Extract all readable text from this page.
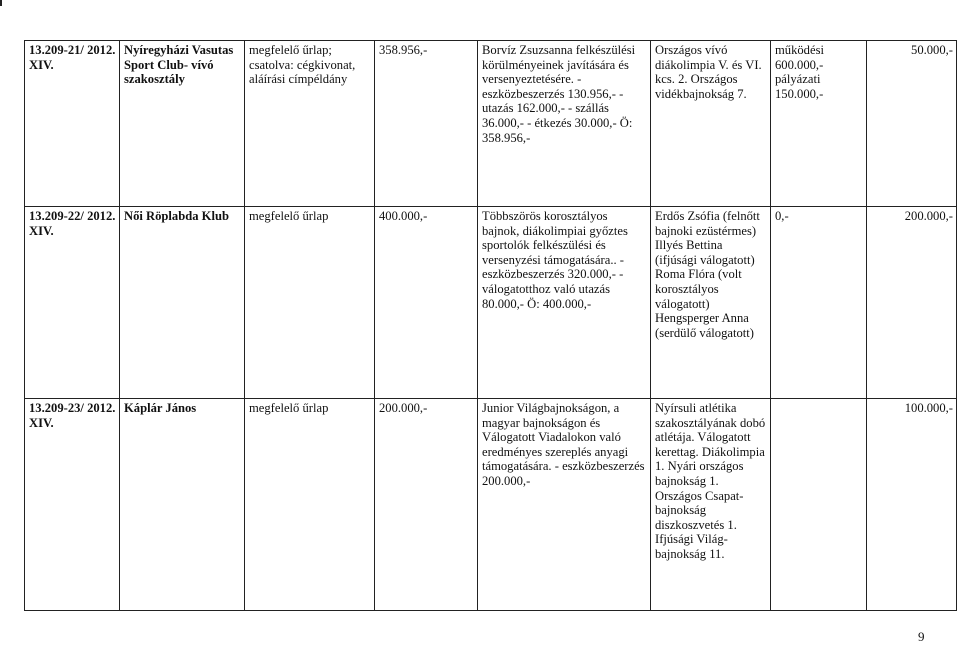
13.209-21/ 2012. XIV.	Nyíregyházi Vasutas Sport Club- vívó szakosztály	megfelelő űrlap; csatolva: cégkivonat, aláírási címpéldány	358.956,-	Borvíz Zsuzsanna felkészülési körülményeinek javítására és versenyeztetésére. - eszközbeszerzés 130.956,- - utazás 162.000,- - szállás 36.000,- - étkezés 30.000,- Ö: 358.956,-	Országos vívó diákolimpia V. és VI. kcs. 2. Országos vidékbajnokság 7.	működési 600.000,- pályázati 150.000,-	50.000,-
13.209-22/ 2012. XIV.	Női Röplabda Klub	megfelelő űrlap	400.000,-	Többszörös korosztályos bajnok, diákolimpiai győztes sportolók felkészülési és versenyzési támogatására.. - eszközbeszerzés 320.000,- - válogatotthoz való utazás 80.000,- Ö: 400.000,-	Erdős Zsófia (felnőtt bajnoki ezüstérmes) Illyés Bettina (ifjúsági válogatott) Roma Flóra (volt korosztályos válogatott) Hengsperger Anna (serdülő válogatott)	0,-	200.000,-
13.209-23/ 2012. XIV.	Káplár János	megfelelő űrlap	200.000,-	Junior Világbajnokságon, a magyar bajnokságon és Válogatott Viadalokon való eredményes szereplés anyagi támogatására. - eszközbeszerzés 200.000,-	Nyírsuli atlétika szakosztályának dobó atlétája. Válogatott kerettag. Diákolimpia 1. Nyári országos bajnokság 1. Országos Csapat- bajnokság diszkoszvetés 1. Ifjúsági Világ- bajnokság 11.		100.000,-
9
